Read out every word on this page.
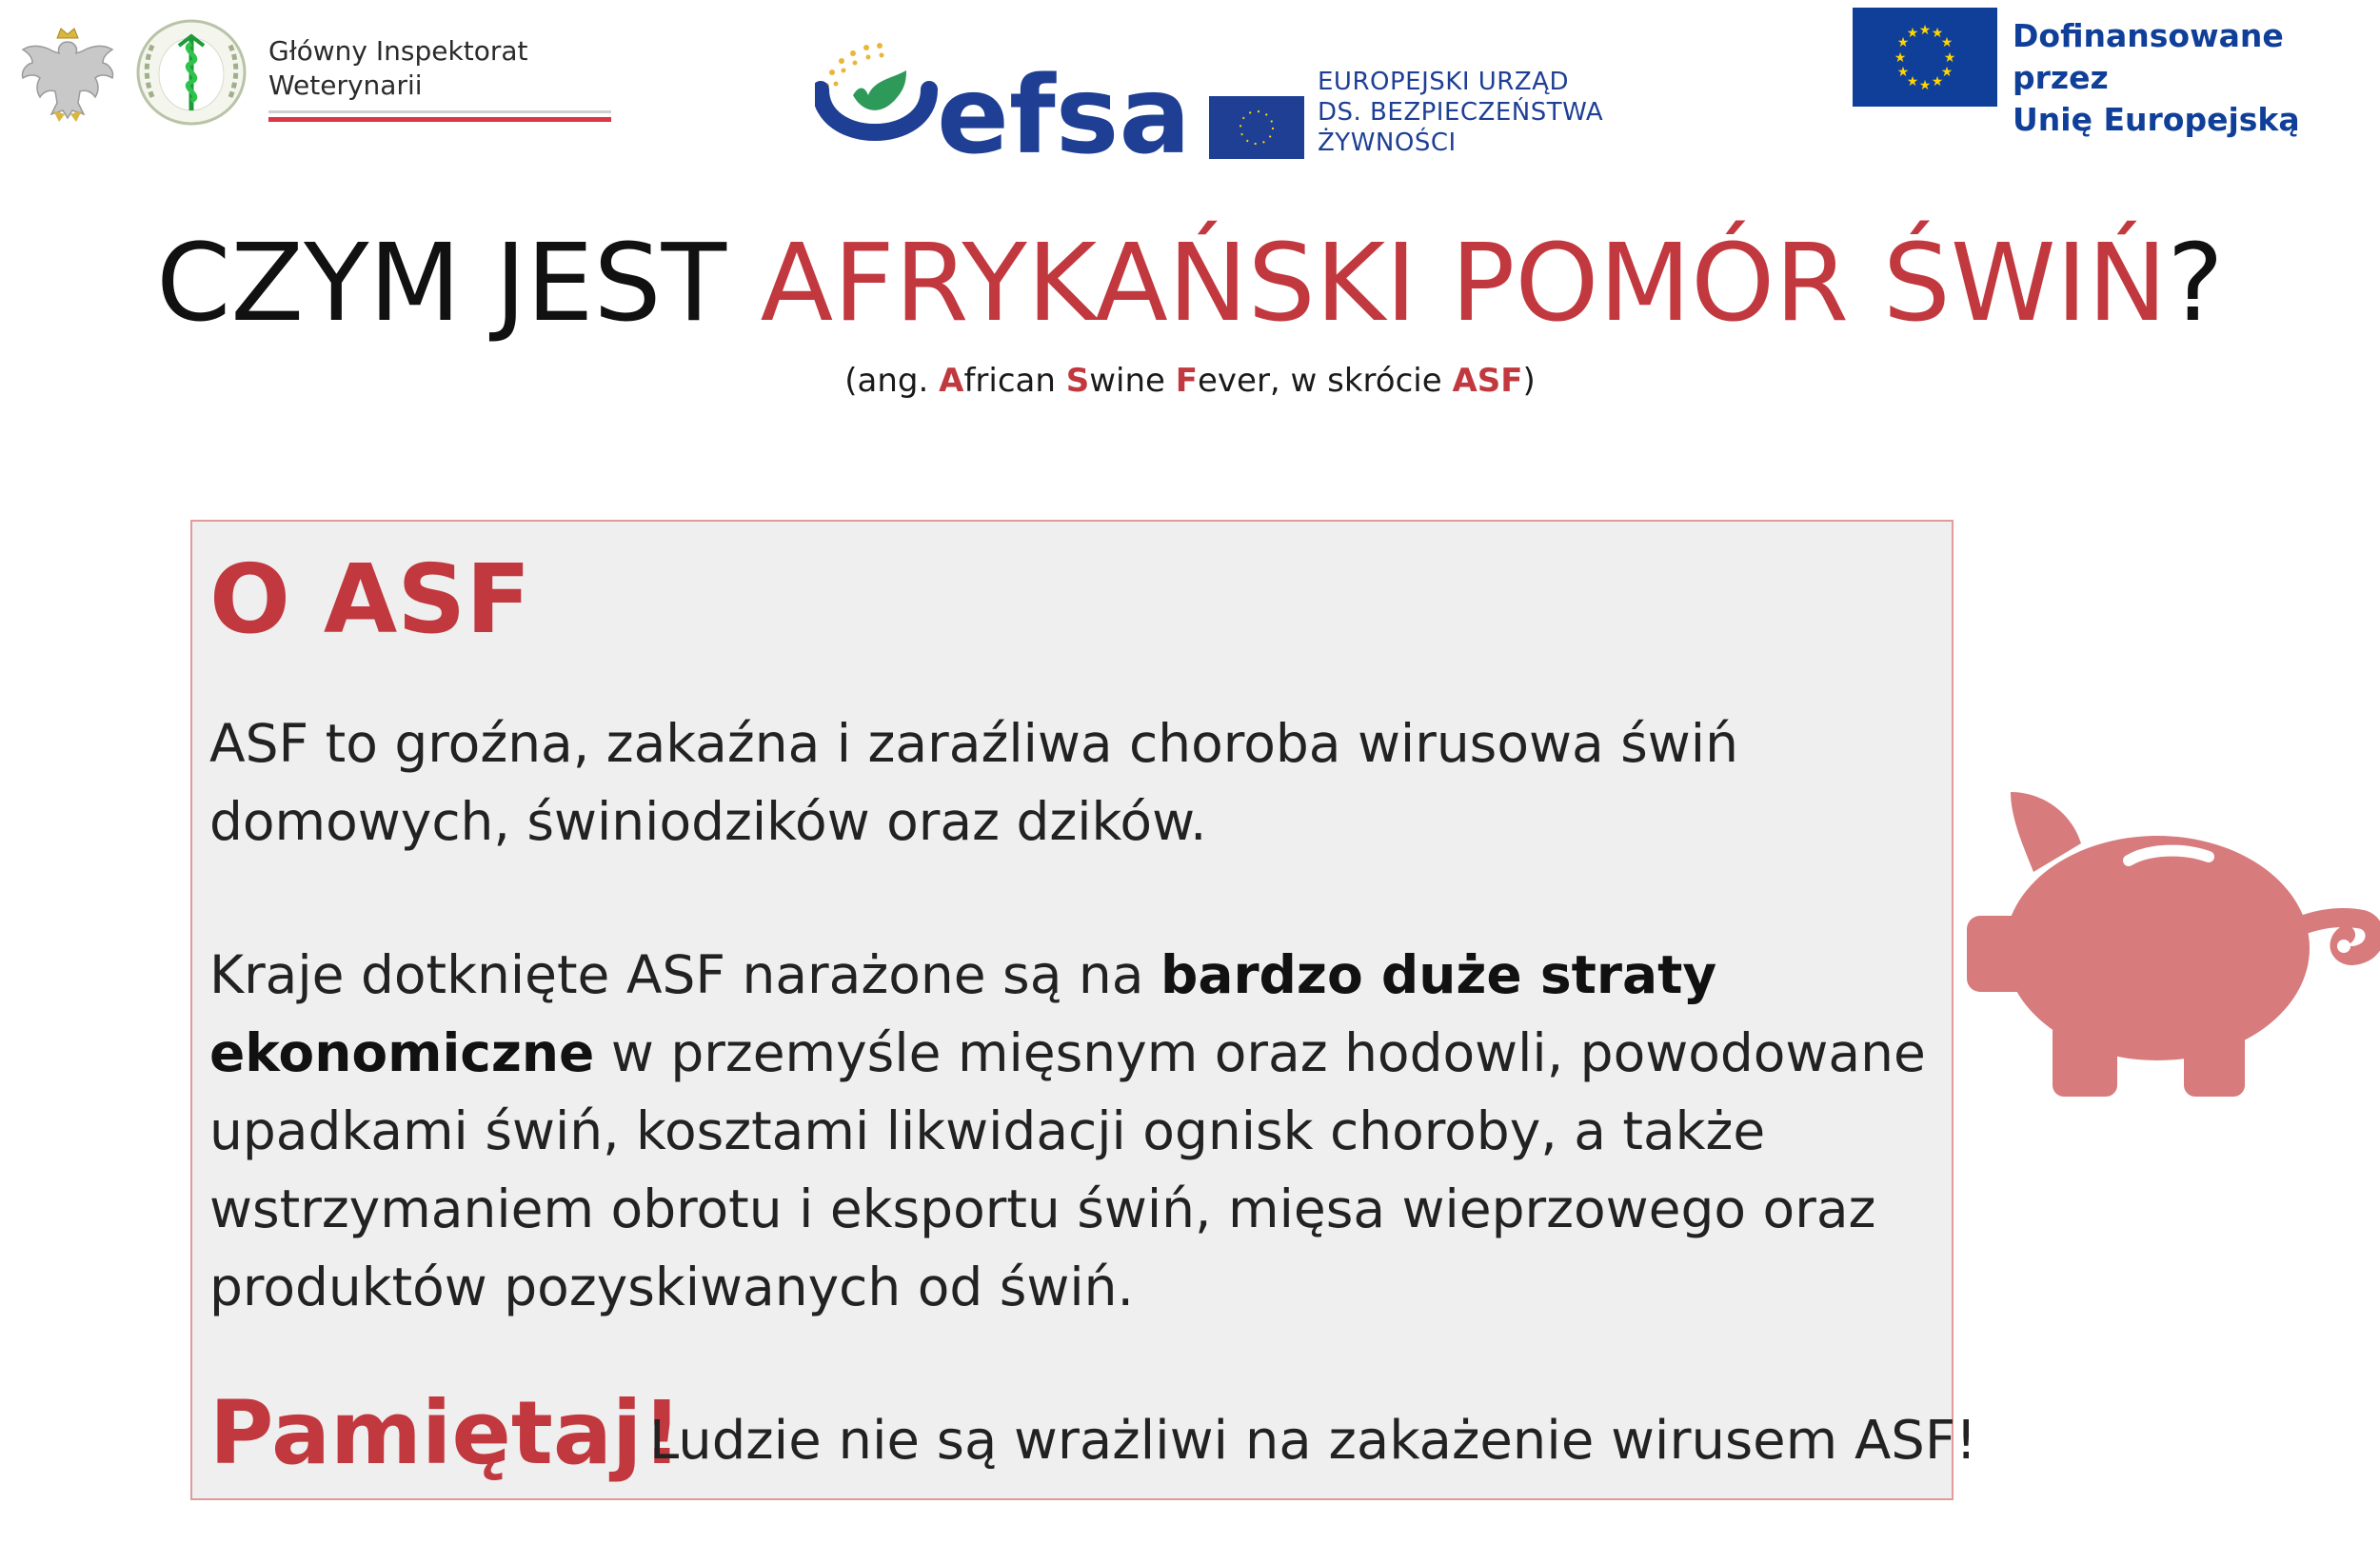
Główny Inspektorat
Weterynarii	efsa	EUROPEJSKI URZĄD
DS. BEZPIECZEŃSTWA
ŻYWNOŚCI
★ ★
★
★
★
★
★
★
★
★
★
★	Dofinansowane przez
Unię Europejską
CZYM JEST AFRYKAŃSKI POMÓR ŚWIŃ?
(ang. African Swine Fever, w skrócie ASF)
O ASF
ASF to groźna, zakaźna i zaraźliwa choroba wirusowa świń
domowych, świniodzików oraz dzików.
Kraje dotknięte ASF narażone są na bardzo duże straty
ekonomiczne w przemyśle mięsnym oraz hodowli, powodowane
upadkami świń, kosztami likwidacji ognisk choroby, a także
wstrzymaniem obrotu i eksportu świń, mięsa wieprzowego oraz
produktów pozyskiwanych od świń.
Pamiętaj!
Ludzie nie są wrażliwi na zakażenie wirusem ASF!
